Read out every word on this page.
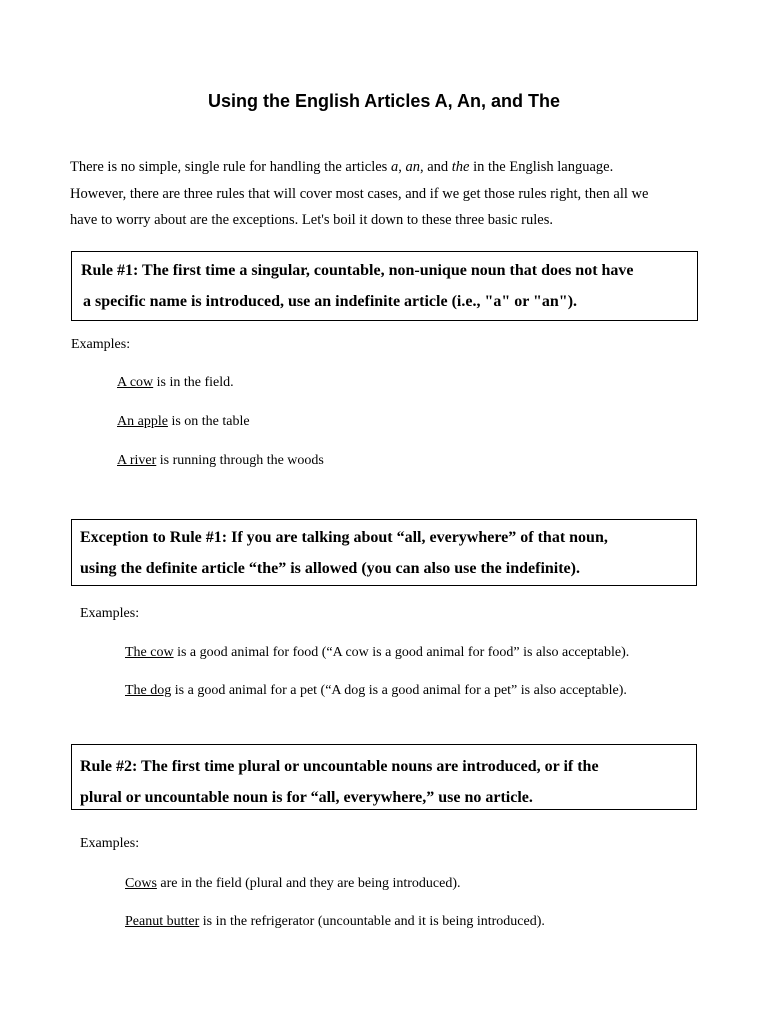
Using the English Articles A, An, and The

There is no simple, single rule for handling the articles a, an, and the in the English language.
However, there are three rules that will cover most cases, and if we get those rules right, then all we
have to worry about are the exceptions. Let's boil it down to these three basic rules.

Rule #1: The first time a singular, countable, non-unique noun that does not have
a specific name is introduced, use an indefinite article (i.e., "a" or "an").

Examples:

A cow is in the field.

An apple is on the table

A river is running through the woods

Exception to Rule #1: If you are talking about “all, everywhere” of that noun,
using the definite article “the” is allowed (you can also use the indefinite).

Examples:

The cow is a good animal for food (“A cow is a good animal for food” is also acceptable).

The dog is a good animal for a pet (“A dog is a good animal for a pet” is also acceptable).

Rule #2: The first time plural or uncountable nouns are introduced, or if the
plural or uncountable noun is for “all, everywhere,” use no article.

Examples:

Cows are in the field (plural and they are being introduced).

Peanut butter is in the refrigerator (uncountable and it is being introduced).
